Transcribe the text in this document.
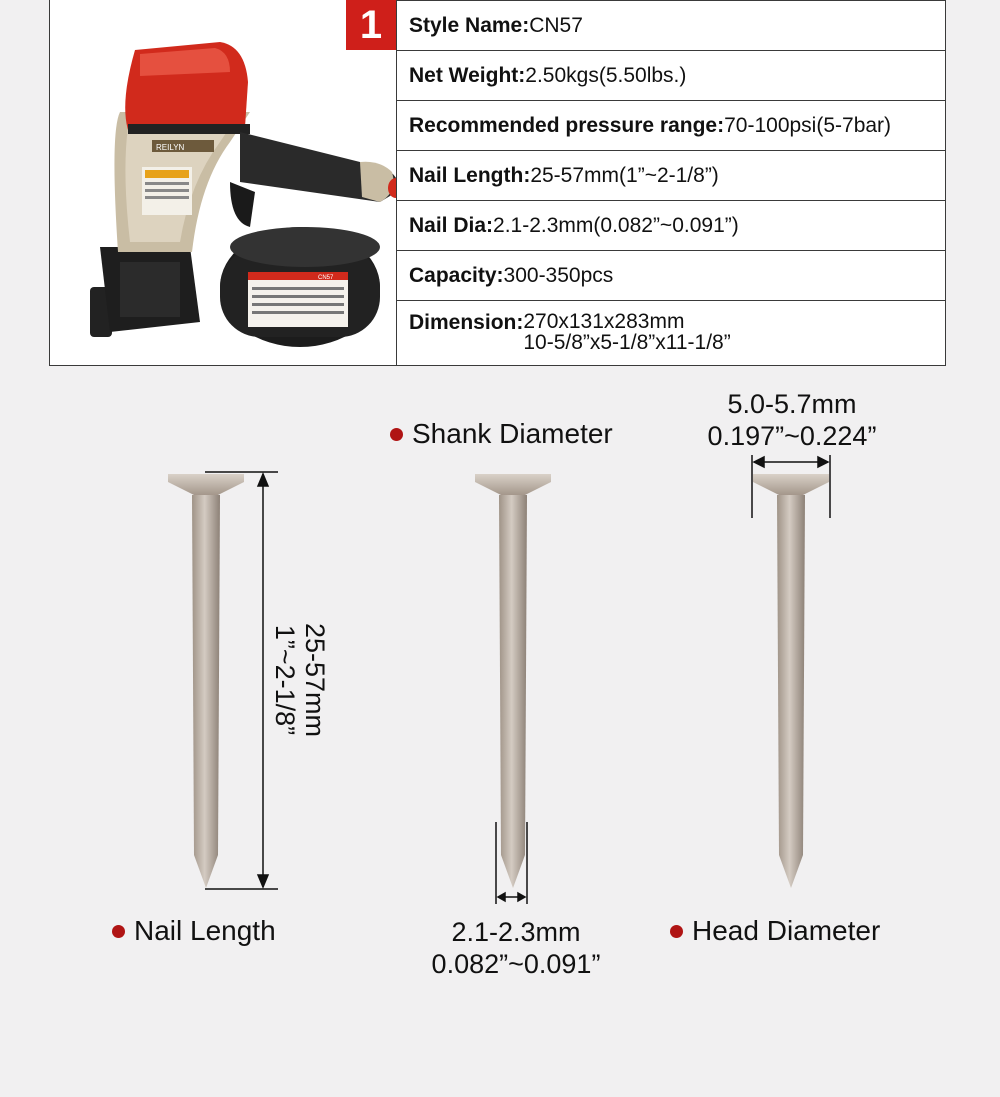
REILYN
CN57
1	Style Name: CN57
Net Weight: 2.50kgs(5.50lbs.)
Recommended pressure range: 70-100psi(5-7bar)
Nail Length: 25-57mm(1”~2-1/8”)
Nail Dia: 2.1-2.3mm(0.082”~0.091”)
Capacity: 300-350pcs
Dimension: 270x131x283mm
10-5/8”x5-1/8”x11-1/8”
Shank Diameter
Nail Length	Head Diameter
5.0-5.7mm
0.197”~0.224”
2.1-2.3mm
0.082”~0.091”
25-57mm
1”~2-1/8”
